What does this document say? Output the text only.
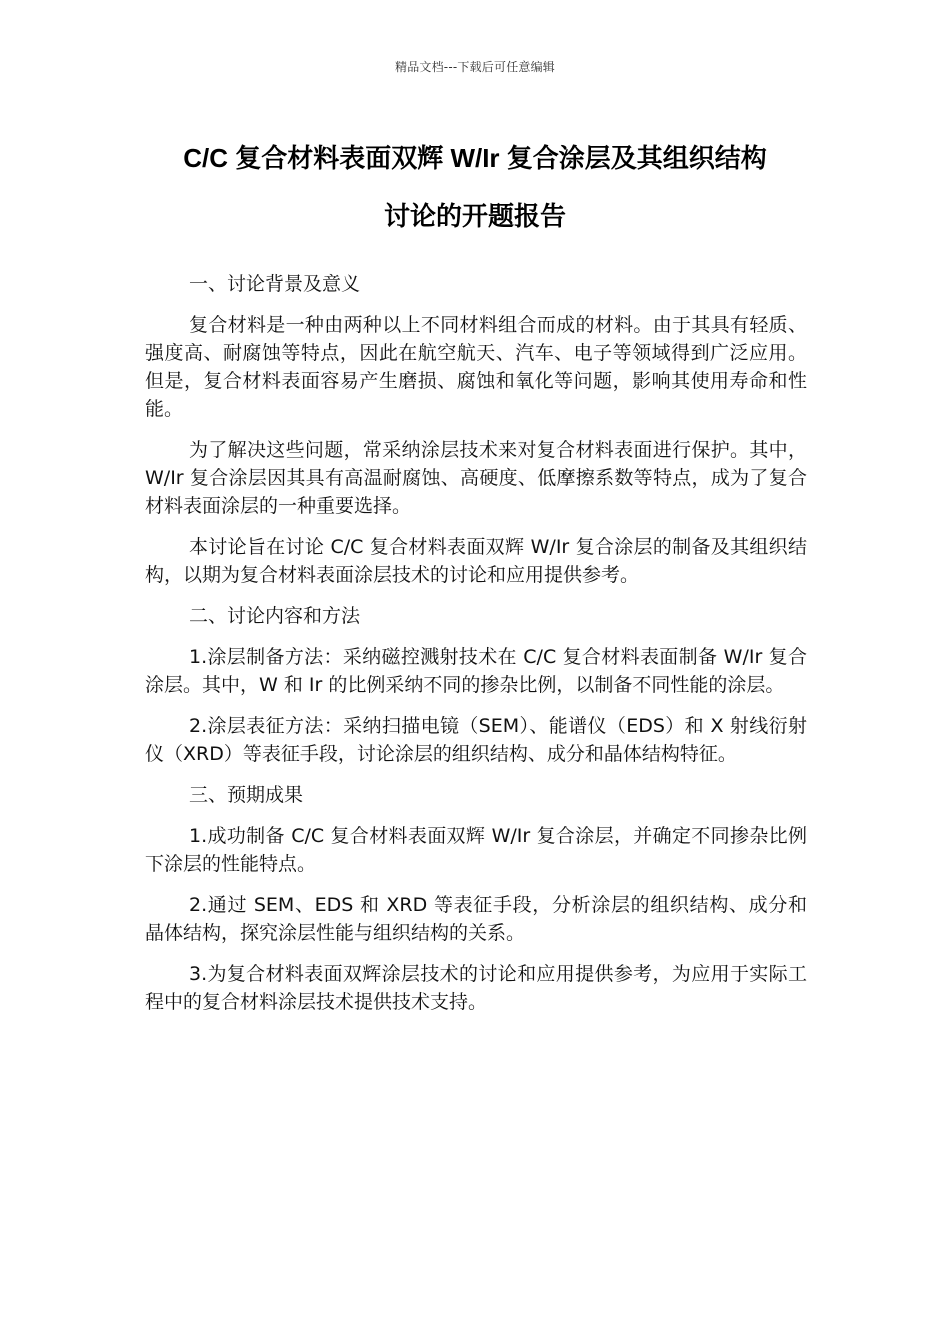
精品文档---下载后可任意编辑
C/C 复合材料表面双辉 W/Ir 复合涂层及其组织结构
讨论的开题报告

一、讨论背景及意义

复合材料是一种由两种以上不同材料组合而成的材料。由于其具有轻质、强度高、耐腐蚀等特点，因此在航空航天、汽车、电子等领域得到广泛应用。但是，复合材料表面容易产生磨损、腐蚀和氧化等问题，影响其使用寿命和性能。

为了解决这些问题，常采纳涂层技术来对复合材料表面进行保护。其中，W/Ir 复合涂层因其具有高温耐腐蚀、高硬度、低摩擦系数等特点，成为了复合材料表面涂层的一种重要选择。

本讨论旨在讨论 C/C 复合材料表面双辉 W/Ir 复合涂层的制备及其组织结构，以期为复合材料表面涂层技术的讨论和应用提供参考。

二、讨论内容和方法

1.涂层制备方法：采纳磁控溅射技术在 C/C 复合材料表面制备 W/Ir 复合涂层。其中，W 和 Ir 的比例采纳不同的掺杂比例，以制备不同性能的涂层。

2.涂层表征方法：采纳扫描电镜（SEM）、能谱仪（EDS）和 X 射线衍射仪（XRD）等表征手段，讨论涂层的组织结构、成分和晶体结构特征。

三、预期成果

1.成功制备 C/C 复合材料表面双辉 W/Ir 复合涂层，并确定不同掺杂比例下涂层的性能特点。

2.通过 SEM、EDS 和 XRD 等表征手段，分析涂层的组织结构、成分和晶体结构，探究涂层性能与组织结构的关系。

3.为复合材料表面双辉涂层技术的讨论和应用提供参考，为应用于实际工程中的复合材料涂层技术提供技术支持。
